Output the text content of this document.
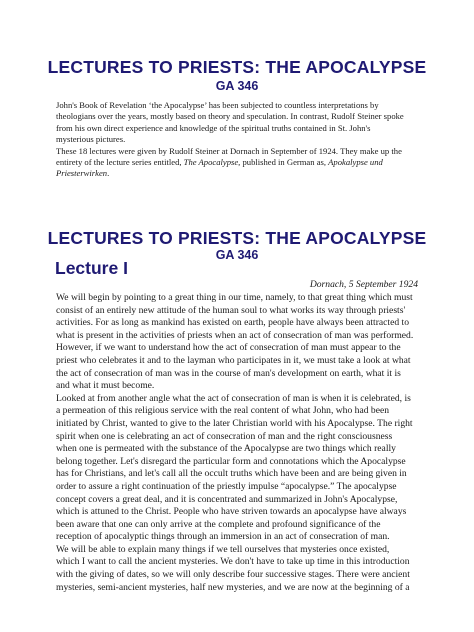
LECTURES TO PRIESTS: THE APOCALYPSE
GA 346

John's Book of Revelation ‘the Apocalypse’ has been subjected to countless interpretations by
theologians over the years, mostly based on theory and speculation. In contrast, Rudolf Steiner spoke
from his own direct experience and knowledge of the spiritual truths contained in St. John's
mysterious pictures.

These 18 lectures were given by Rudolf Steiner at Dornach in September of 1924. They make up the
entirety of the lecture series entitled, The Apocalypse, published in German as, Apokalypse und
Priesterwirken.

LECTURES TO PRIESTS: THE APOCALYPSE
GA 346
Lecture I
Dornach, 5 September 1924

We will begin by pointing to a great thing in our time, namely, to that great thing which must
consist of an entirely new attitude of the human soul to what works its way through priests'
activities. For as long as mankind has existed on earth, people have always been attracted to
what is present in the activities of priests when an act of consecration of man was performed.
However, if we want to understand how the act of consecration of man must appear to the
priest who celebrates it and to the layman who participates in it, we must take a look at what
the act of consecration of man was in the course of man's development on earth, what it is
and what it must become.

Looked at from another angle what the act of consecration of man is when it is celebrated, is
a permeation of this religious service with the real content of what John, who had been
initiated by Christ, wanted to give to the later Christian world with his Apocalypse. The right
spirit when one is celebrating an act of consecration of man and the right consciousness
when one is permeated with the substance of the Apocalypse are two things which really
belong together. Let's disregard the particular form and connotations which the Apocalypse
has for Christians, and let's call all the occult truths which have been and are being given in
order to assure a right continuation of the priestly impulse “apocalypse.” The apocalypse
concept covers a great deal, and it is concentrated and summarized in John's Apocalypse,
which is attuned to the Christ. People who have striven towards an apocalypse have always
been aware that one can only arrive at the complete and profound significance of the
reception of apocalyptic things through an immersion in an act of consecration of man.

We will be able to explain many things if we tell ourselves that mysteries once existed,
which I want to call the ancient mysteries. We don't have to take up time in this introduction
with the giving of dates, so we will only describe four successive stages. There were ancient
mysteries, semi-ancient mysteries, half new mysteries, and we are now at the beginning of a
